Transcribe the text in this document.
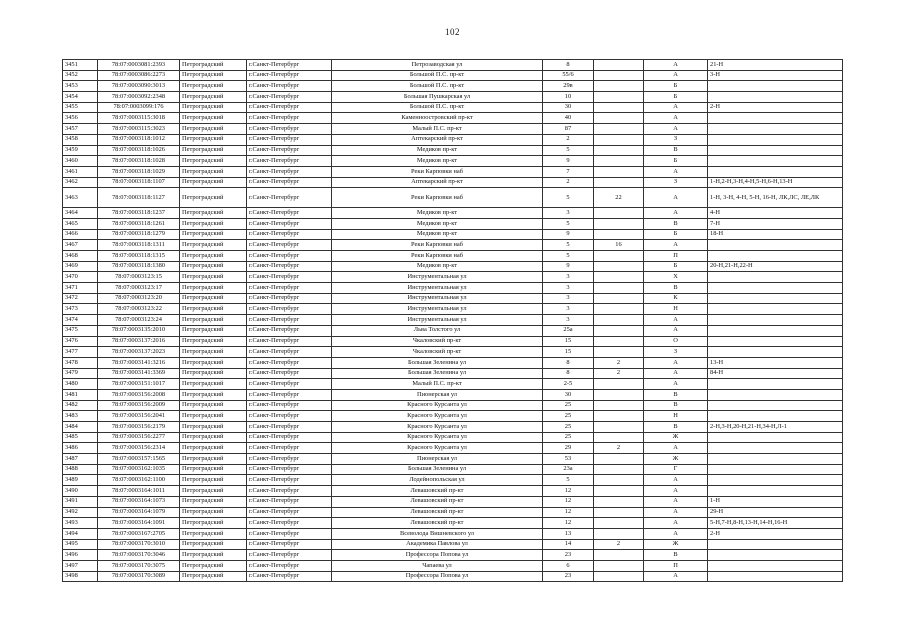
102
3451	78:07:0003081:2393	Петроградский	г.Санкт-Петербург	Петрозаводская ул	8		А	21-Н
3452	78:07:0003086:2273	Петроградский	г.Санкт-Петербург	Большой П.С. пр-кт	55/6		А	3-Н
3453	78:07:0003090:3013	Петроградский	г.Санкт-Петербург	Большой П.С. пр-кт	29в		Б	
3454	78:07:0003092:2348	Петроградский	г.Санкт-Петербург	Большая Пушкарская ул	10		Б	
3455	78:07:0003099:176	Петроградский	г.Санкт-Петербург	Большой П.С. пр-кт	30		А	2-Н
3456	78:07:0003115:3018	Петроградский	г.Санкт-Петербург	Каменноостровский пр-кт	40		А	
3457	78:07:0003115:3023	Петроградский	г.Санкт-Петербург	Малый П.С. пр-кт	87		А	
3458	78:07:0003118:1012	Петроградский	г.Санкт-Петербург	Аптекарский пр-кт	2		З	
3459	78:07:0003118:1026	Петроградский	г.Санкт-Петербург	Медиков пр-кт	5		В	
3460	78:07:0003118:1028	Петроградский	г.Санкт-Петербург	Медиков пр-кт	9		Б	
3461	78:07:0003118:1029	Петроградский	г.Санкт-Петербург	Реки Карповки наб	7		А	
3462	78:07:0003118:1107	Петроградский	г.Санкт-Петербург	Аптекарский пр-кт	2		З	1-Н,2-Н,3-Н,4-Н,5-Н,6-Н,13-Н
3463	78:07:0003118:1127	Петроградский	г.Санкт-Петербург	Реки Карповки наб	5	22	А	1-Н, 3-Н, 4-Н, 5-Н, 16-Н, ЛК,ЛС, ЛЕ,ЛК
3464	78:07:0003118:1237	Петроградский	г.Санкт-Петербург	Медиков пр-кт	3		А	4-Н
3465	78:07:0003118:1261	Петроградский	г.Санкт-Петербург	Медиков пр-кт	5		В	7-Н
3466	78:07:0003118:1279	Петроградский	г.Санкт-Петербург	Медиков пр-кт	9		Б	18-Н
3467	78:07:0003118:1311	Петроградский	г.Санкт-Петербург	Реки Карповки наб	5	16	А	
3468	78:07:0003118:1315	Петроградский	г.Санкт-Петербург	Реки Карповки наб	5		П	
3469	78:07:0003118:1380	Петроградский	г.Санкт-Петербург	Медиков пр-кт	9		Б	20-Н,21-Н,22-Н
3470	78:07:0003123:15	Петроградский	г.Санкт-Петербург	Инструментальная ул	3		Х	
3471	78:07:0003123:17	Петроградский	г.Санкт-Петербург	Инструментальная ул	3		В	
3472	78:07:0003123:20	Петроградский	г.Санкт-Петербург	Инструментальная ул	3		К	
3473	78:07:0003123:22	Петроградский	г.Санкт-Петербург	Инструментальная ул	3		Н	
3474	78:07:0003123:24	Петроградский	г.Санкт-Петербург	Инструментальная ул	3		А	
3475	78:07:0003135:2010	Петроградский	г.Санкт-Петербург	Льва Толстого ул	25а		А	
3476	78:07:0003137:2016	Петроградский	г.Санкт-Петербург	Чкаловский пр-кт	15		О	
3477	78:07:0003137:2023	Петроградский	г.Санкт-Петербург	Чкаловский пр-кт	15		З	
3478	78:07:0003141:3216	Петроградский	г.Санкт-Петербург	Большая Зеленина ул	8	2	А	13-Н
3479	78:07:0003141:3369	Петроградский	г.Санкт-Петербург	Большая Зеленина ул	8	2	А	84-Н
3480	78:07:0003151:1017	Петроградский	г.Санкт-Петербург	Малый П.С. пр-кт	2-5		А	
3481	78:07:0003156:2008	Петроградский	г.Санкт-Петербург	Пионерская ул	30		В	
3482	78:07:0003156:2009	Петроградский	г.Санкт-Петербург	Красного Курсанта ул	25		В	
3483	78:07:0003156:2041	Петроградский	г.Санкт-Петербург	Красного Курсанта ул	25		Н	
3484	78:07:0003156:2179	Петроградский	г.Санкт-Петербург	Красного Курсанта ул	25		В	2-Н,3-Н,20-Н,21-Н,34-Н,Л-1
3485	78:07:0003156:2277	Петроградский	г.Санкт-Петербург	Красного Курсанта ул	25		Ж	
3486	78:07:0003156:2314	Петроградский	г.Санкт-Петербург	Красного Курсанта ул	29	2	А	
3487	78:07:0003157:1565	Петроградский	г.Санкт-Петербург	Пионерская ул	53		Ж	
3488	78:07:0003162:1035	Петроградский	г.Санкт-Петербург	Большая Зеленина ул	23а		Г	
3489	78:07:0003162:1100	Петроградский	г.Санкт-Петербург	Лодейнопольская ул	5		А	
3490	78:07:0003164:1011	Петроградский	г.Санкт-Петербург	Левашовский пр-кт	12		А	
3491	78:07:0003164:1073	Петроградский	г.Санкт-Петербург	Левашовский пр-кт	12		А	1-Н
3492	78:07:0003164:1079	Петроградский	г.Санкт-Петербург	Левашовский пр-кт	12		А	29-Н
3493	78:07:0003164:1091	Петроградский	г.Санкт-Петербург	Левашовский пр-кт	12		А	5-Н,7-Н,8-Н,13-Н,14-Н,16-Н
3494	78:07:0003167:2705	Петроградский	г.Санкт-Петербург	Всеволода Вишневского ул	13		А	2-Н
3495	78:07:0003170:3010	Петроградский	г.Санкт-Петербург	Академика Павлова ул	14	2	Ж	
3496	78:07:0003170:3046	Петроградский	г.Санкт-Петербург	Профессора Попова ул	23		В	
3497	78:07:0003170:3075	Петроградский	г.Санкт-Петербург	Чапаева ул	6		П	
3498	78:07:0003170:3089	Петроградский	г.Санкт-Петербург	Профессора Попова ул	23		А	
